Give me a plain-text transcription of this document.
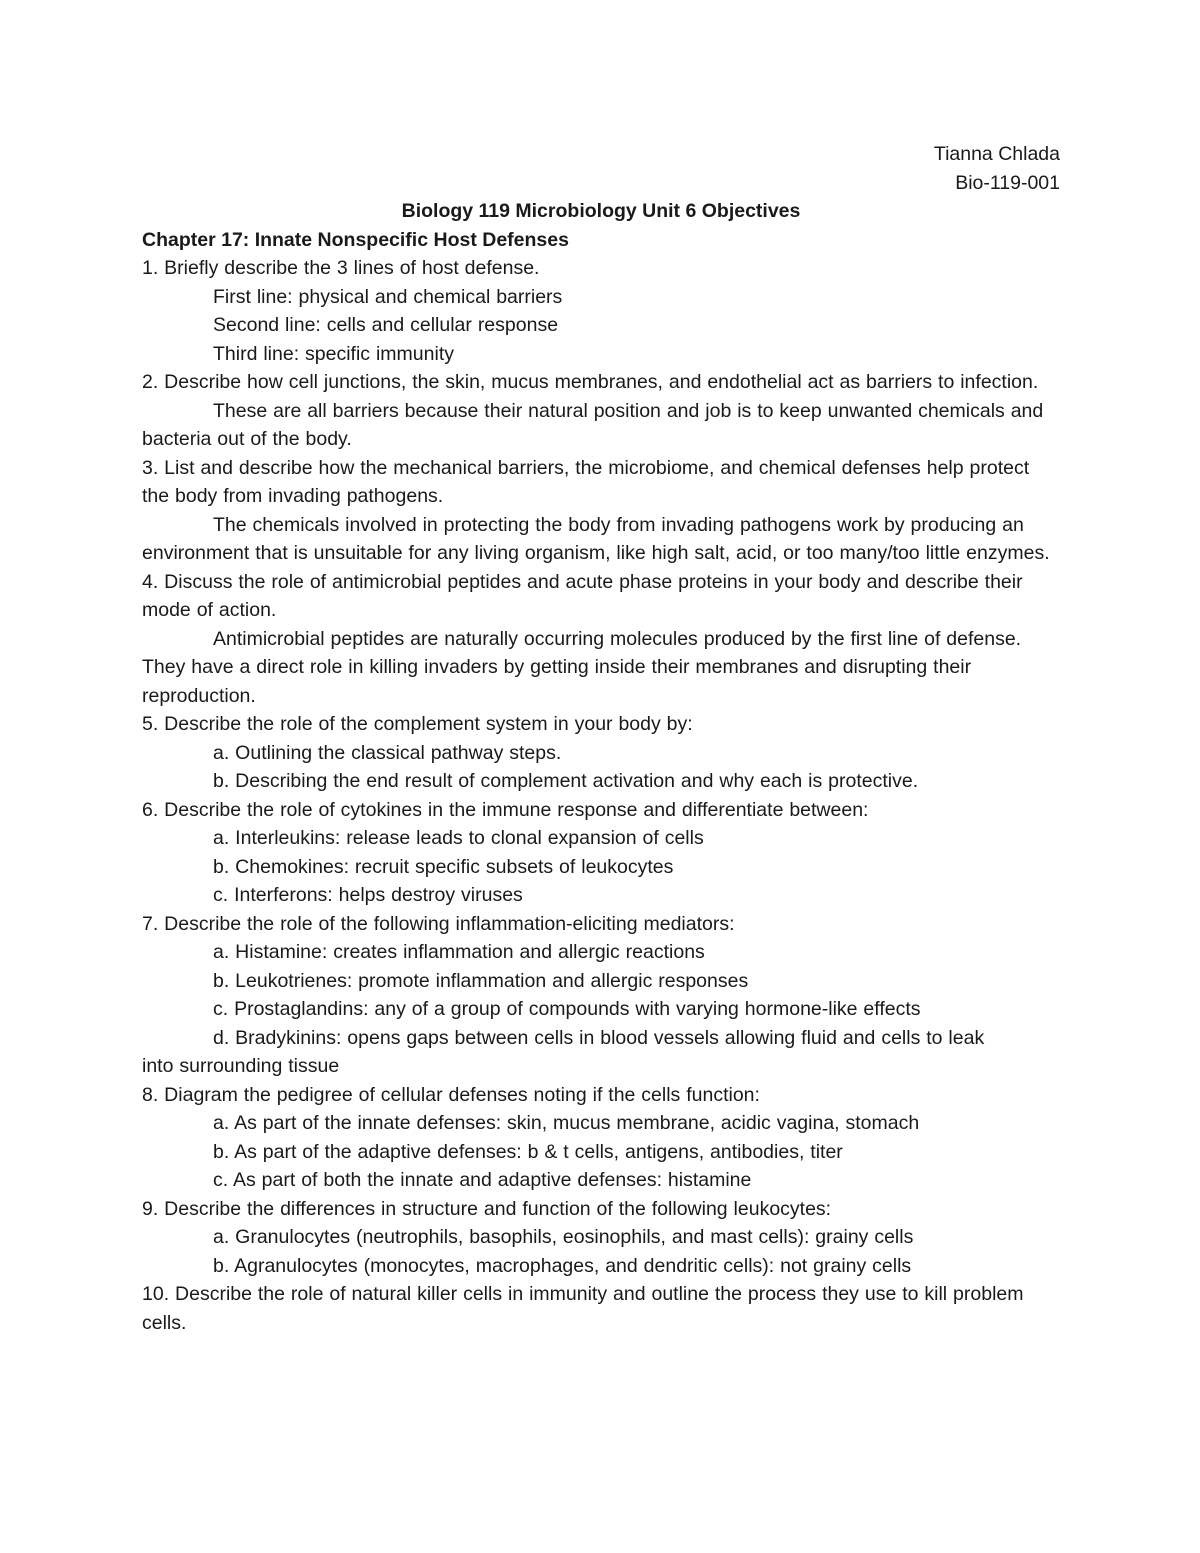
Tianna Chlada
Bio-119-001
Biology 119 Microbiology Unit 6 Objectives
Chapter 17: Innate Nonspecific Host Defenses
1. Briefly describe the 3 lines of host defense.
First line: physical and chemical barriers
Second line: cells and cellular response
Third line: specific immunity
2. Describe how cell junctions, the skin, mucus membranes, and endothelial act as barriers to infection.
These are all barriers because their natural position and job is to keep unwanted chemicals and bacteria out of the body.
3. List and describe how the mechanical barriers, the microbiome, and chemical defenses help protect the body from invading pathogens.
The chemicals involved in protecting the body from invading pathogens work by producing an environment that is unsuitable for any living organism, like high salt, acid, or too many/too little enzymes.
4. Discuss the role of antimicrobial peptides and acute phase proteins in your body and describe their mode of action.
Antimicrobial peptides are naturally occurring molecules produced by the first line of defense. They have a direct role in killing invaders by getting inside their membranes and disrupting their reproduction.
5. Describe the role of the complement system in your body by:
a. Outlining the classical pathway steps.
b. Describing the end result of complement activation and why each is protective.
6. Describe the role of cytokines in the immune response and differentiate between:
a. Interleukins: release leads to clonal expansion of cells
b. Chemokines: recruit specific subsets of leukocytes
c. Interferons: helps destroy viruses
7. Describe the role of the following inflammation-eliciting mediators:
a. Histamine: creates inflammation and allergic reactions
b. Leukotrienes: promote inflammation and allergic responses
c. Prostaglandins: any of a group of compounds with varying hormone-like effects
d. Bradykinins: opens gaps between cells in blood vessels allowing fluid and cells to leak
into surrounding tissue
8. Diagram the pedigree of cellular defenses noting if the cells function:
a. As part of the innate defenses: skin, mucus membrane, acidic vagina, stomach
b. As part of the adaptive defenses: b & t cells, antigens, antibodies, titer
c. As part of both the innate and adaptive defenses: histamine
9. Describe the differences in structure and function of the following leukocytes:
a. Granulocytes (neutrophils, basophils, eosinophils, and mast cells): grainy cells
b. Agranulocytes (monocytes, macrophages, and dendritic cells): not grainy cells
10. Describe the role of natural killer cells in immunity and outline the process they use to kill problem cells.
